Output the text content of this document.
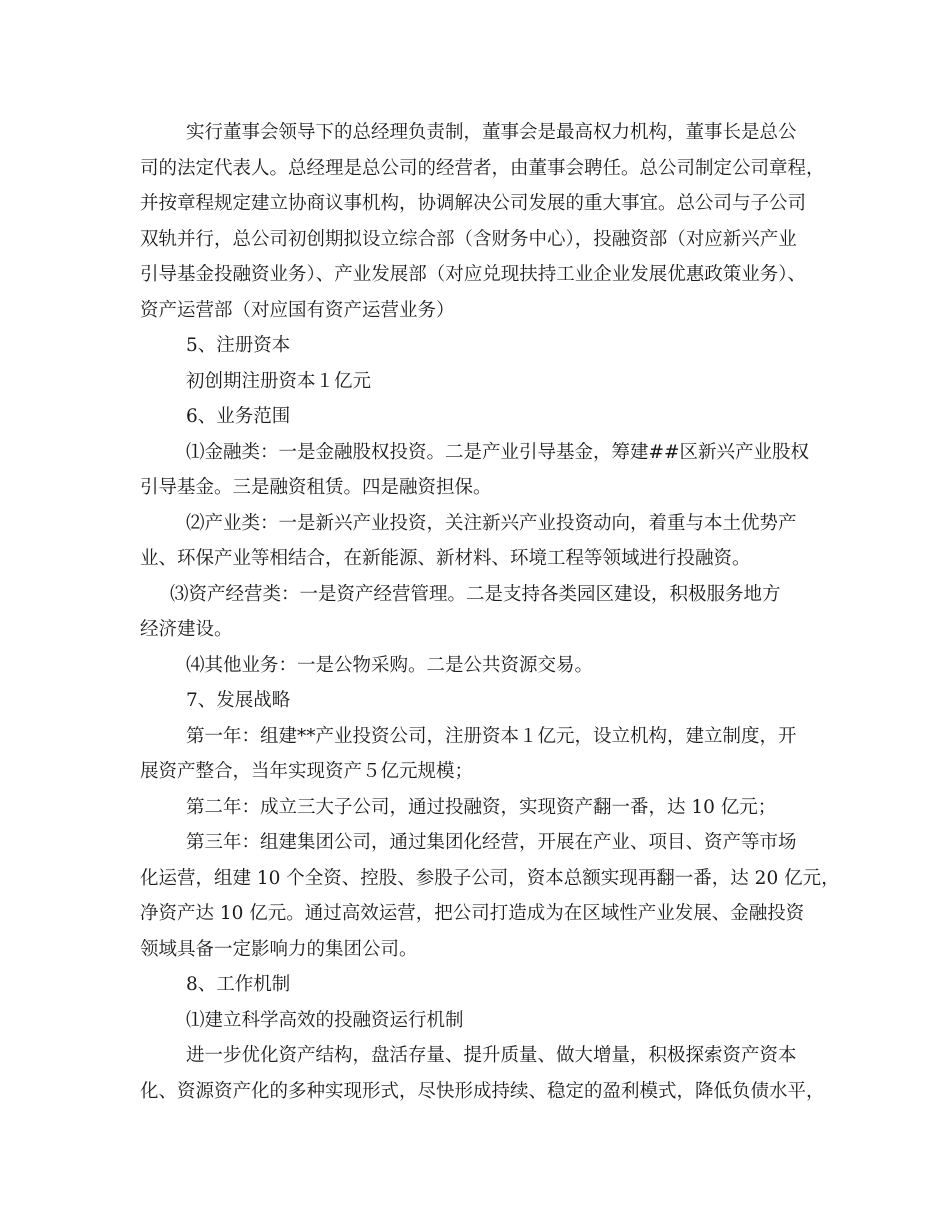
实行董事会领导下的总经理负责制，董事会是最高权力机构，董事长是总公
司的法定代表人。总经理是总公司的经营者，由董事会聘任。总公司制定公司章程，
并按章程规定建立协商议事机构，协调解决公司发展的重大事宜。总公司与子公司
双轨并行，总公司初创期拟设立综合部（含财务中心），投融资部（对应新兴产业
引导基金投融资业务）、产业发展部（对应兑现扶持工业企业发展优惠政策业务）、
资产运营部（对应国有资产运营业务）

5、注册资本

初创期注册资本１亿元

6、业务范围

⑴金融类：一是金融股权投资。二是产业引导基金，筹建##区新兴产业股权
引导基金。三是融资租赁。四是融资担保。

⑵产业类：一是新兴产业投资，关注新兴产业投资动向，着重与本土优势产
业、环保产业等相结合，在新能源、新材料、环境工程等领域进行投融资。

⑶资产经营类：一是资产经营管理。二是支持各类园区建设，积极服务地方
经济建设。

⑷其他业务：一是公物采购。二是公共资源交易。

7、发展战略

第一年：组建**产业投资公司，注册资本１亿元，设立机构，建立制度，开
展资产整合，当年实现资产５亿元规模；

第二年：成立三大子公司，通过投融资，实现资产翻一番，达 10 亿元；

第三年：组建集团公司，通过集团化经营，开展在产业、项目、资产等市场
化运营，组建 10 个全资、控股、参股子公司，资本总额实现再翻一番，达 20 亿元，
净资产达 10 亿元。通过高效运营，把公司打造成为在区域性产业发展、金融投资
领域具备一定影响力的集团公司。

8、工作机制

⑴建立科学高效的投融资运行机制

进一步优化资产结构，盘活存量、提升质量、做大增量，积极探索资产资本
化、资源资产化的多种实现形式，尽快形成持续、稳定的盈利模式，降低负债水平，
